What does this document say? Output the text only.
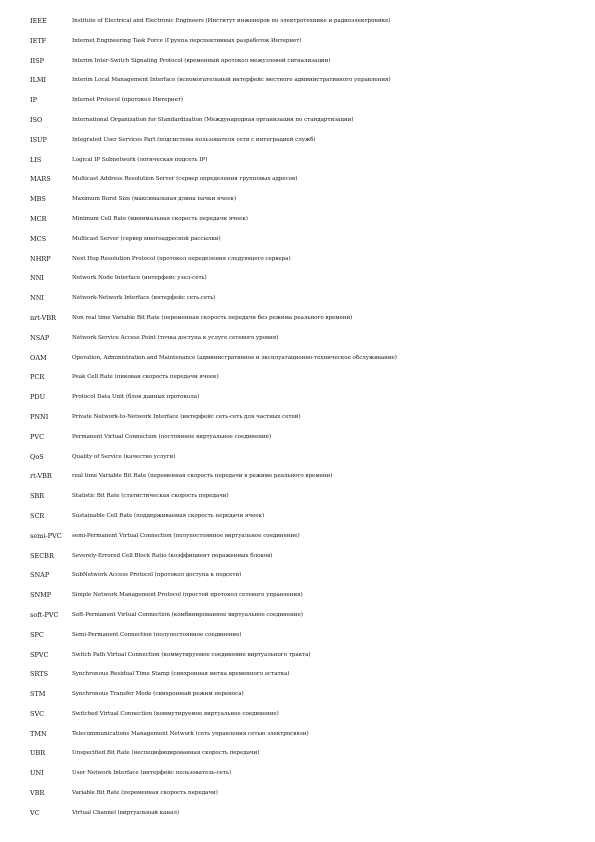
IEEE	Institute of Electrical and Electronic Engineers (Институт инженеров по электротехнике и радиоэлектронике)
IETF	Internet Engineering Task Force (Группа перспективных разработок Интернет)
IISP	Interim Inter-Switch Signaling Protocol (временный протокол межузловой сигнализации)
ILMI	Interim Local Management Interface (вспомогательный интерфейс местного административного управления)
IP	Internet Protocol (протокол Интернет)
ISO	International Organization for Standardization (Международная организация по стандартизации)
ISUP	Integrated User Services Part (подсистема пользователя сети с интеграцией служб)
LIS	Logical IP Subnetwork (логическая подсеть IP)
MARS	Multicast Address Resolution Server (сервер определения групповых адресов)
MBS	Maximum Burst Size (максимальная длина пачки ячеек)
MCR	Minimum Cell Rate (минимальная скорость передачи ячеек)
MCS	Multicast Server (сервер многоадресной рассылки)
NHRP	Next Hop Resolution Protocol (протокол определения следующего сервера)
NNI	Network Node Interface (интерфейс узел-сеть)
NNI	Network-Network Interface (интерфейс сеть-сеть)
nrt-VBR	Non real time Variable Bit Rate (переменная скорость передачи без режима реального времени)
NSAP	Network Service Access Point (точка доступа к услуге сетевого уровня)
OAM	Operation, Administration and Maintenance (административное и эксплуатационно-техническое обслуживание)
PCR	Peak Cell Rate (пиковая скорость передачи ячеек)
PDU	Protocol Data Unit (блок данных протокола)
PNNI	Private Network-to-Network Interface (интерфейс сеть-сеть для частных сетей)
PVC	Permanent Virtual Connection (постоянное виртуальное соединение)
QoS	Quality of Service (качество услуги)
rt-VBR	real time Variable Bit Rate (переменная скорость передачи в режиме реального времени)
SBR	Statistic Bit Rate (статистическая скорость передачи)
SCR	Sustainable Cell Rate (поддерживаемая скорость передачи ячеек)
semi-PVC	semi-Permanent Virtual Connection (полупостоянное виртуальное соединение)
SECBR	Severely-Errored Cell Block Ratio (коэффициент пораженных блоков)
SNAP	SubNetwork Access Protocol (протокол доступа к подсети)
SNMP	Simple Network Management Protocol (простой протокол сетевого управления)
soft-PVC	Soft-Permanent Virtual Connection (комбинированное виртуальное соединение)
SPC	Semi-Permanent Connection (полупостоянное соединение)
SPVC	Switch Path Virtual Connection (коммутируемое соединение виртуального тракта)
SRTS	Synchronous Residual Time Stamp (синхронная метка временного остатка)
STM	Synchronous Transfer Mode (синхронный режим переноса)
SVC	Switched Virtual Connection (коммутируемое виртуальное соединение)
TMN	Telecommunications Management Network (сеть управления сетью электросвязи)
UBR	Unspecified Bit Rate (неспецифицированная скорость передачи)
UNI	User Network Interface (интерфейс пользователь-сеть)
VBR	Variable Bit Rate (переменная скорость передачи)
VC	Virtual Channel (виртуальный канал)
